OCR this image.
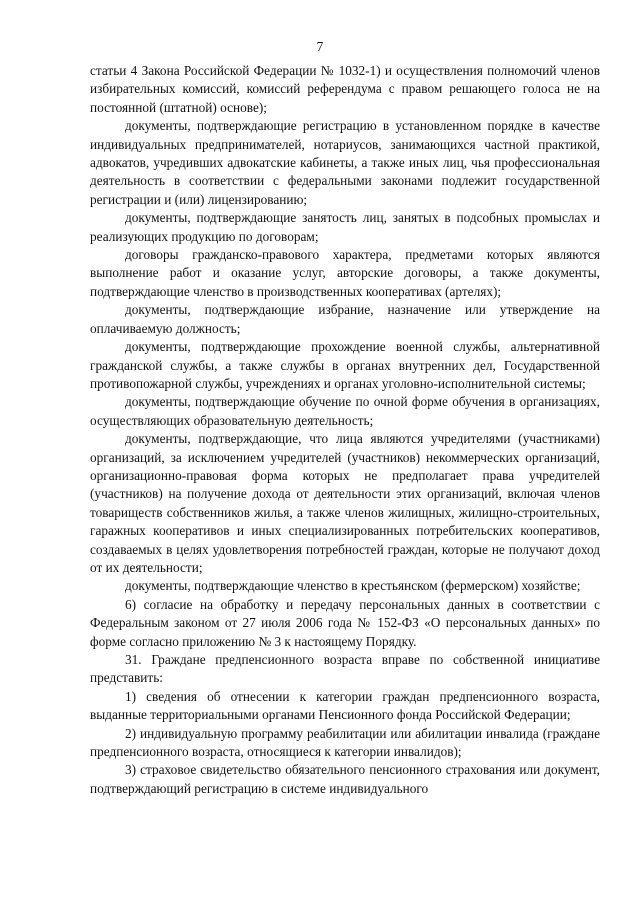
7

статьи 4 Закона Российской Федерации № 1032-1) и осуществления полномочий членов избирательных комиссий, комиссий референдума с правом решающего голоса не на постоянной (штатной) основе);

документы, подтверждающие регистрацию в установленном порядке в качестве индивидуальных предпринимателей, нотариусов, занимающихся частной практикой, адвокатов, учредивших адвокатские кабинеты, а также иных лиц, чья профессиональная деятельность в соответствии с федеральными законами подлежит государственной регистрации и (или) лицензированию;

документы, подтверждающие занятость лиц, занятых в подсобных промыслах и реализующих продукцию по договорам;

договоры гражданско-правового характера, предметами которых являются выполнение работ и оказание услуг, авторские договоры, а также документы, подтверждающие членство в производственных кооперативах (артелях);

документы, подтверждающие избрание, назначение или утверждение на оплачиваемую должность;

документы, подтверждающие прохождение военной службы, альтернативной гражданской службы, а также службы в органах внутренних дел, Государственной противопожарной службы, учреждениях и органах уголовно-исполнительной системы;

документы, подтверждающие обучение по очной форме обучения в организациях, осуществляющих образовательную деятельность;

документы, подтверждающие, что лица являются учредителями (участниками) организаций, за исключением учредителей (участников) некоммерческих организаций, организационно-правовая форма которых не предполагает права учредителей (участников) на получение дохода от деятельности этих организаций, включая членов товариществ собственников жилья, а также членов жилищных, жилищно-строительных, гаражных кооперативов и иных специализированных потребительских кооперативов, создаваемых в целях удовлетворения потребностей граждан, которые не получают доход от их деятельности;

документы, подтверждающие членство в крестьянском (фермерском) хозяйстве;

6) согласие на обработку и передачу персональных данных в соответствии с Федеральным законом от 27 июля 2006 года № 152-ФЗ «О персональных данных» по форме согласно приложению № 3 к настоящему Порядку.

31. Граждане предпенсионного возраста вправе по собственной инициативе представить:

1) сведения об отнесении к категории граждан предпенсионного возраста, выданные территориальными органами Пенсионного фонда Российской Федерации;

2) индивидуальную программу реабилитации или абилитации инвалида (граждане предпенсионного возраста, относящиеся к категории инвалидов);

3) страховое свидетельство обязательного пенсионного страхования или документ, подтверждающий регистрацию в системе индивидуального
